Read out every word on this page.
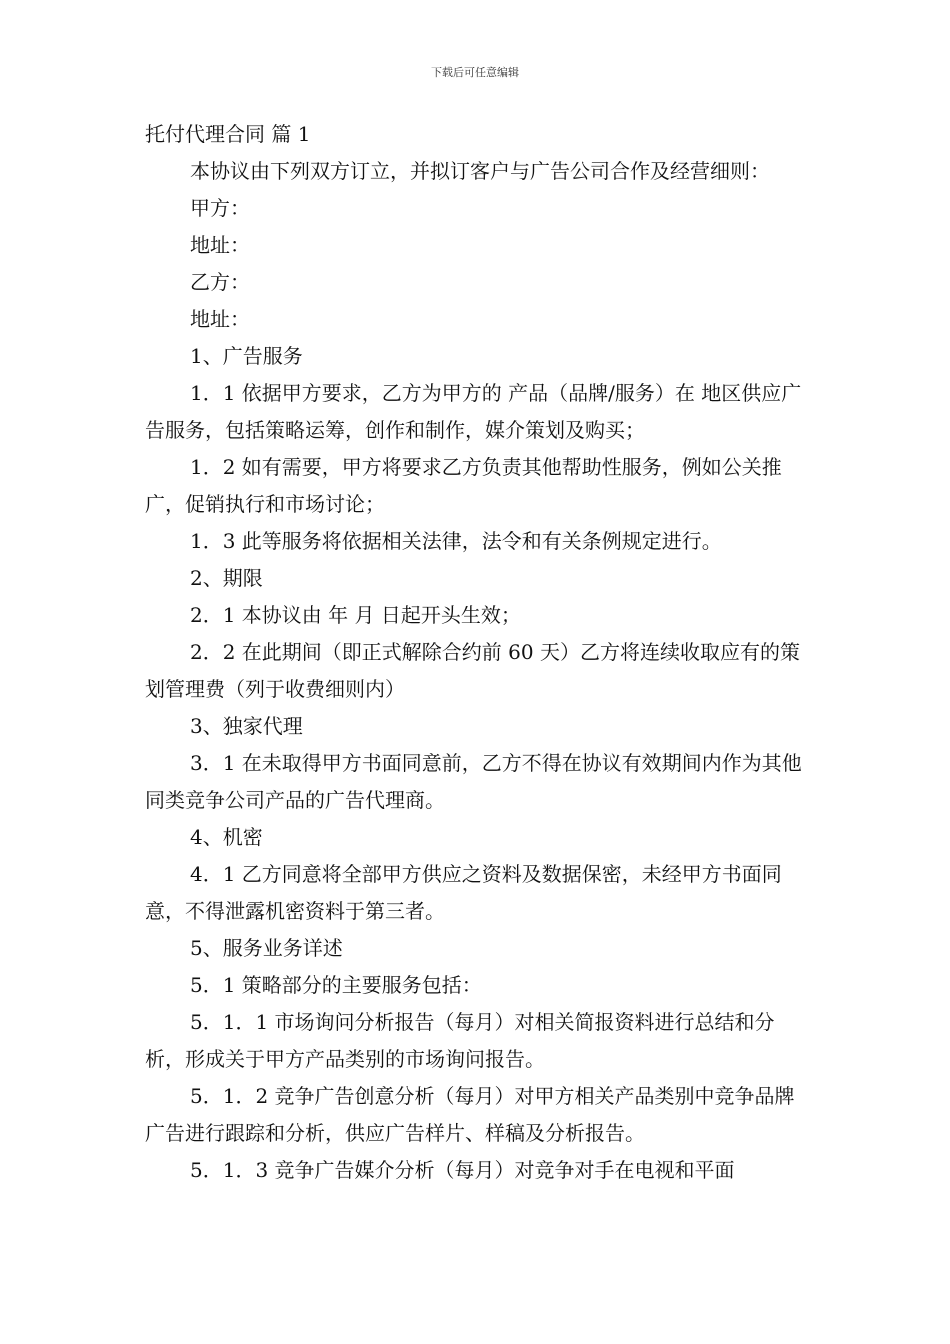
下载后可任意编辑

托付代理合同 篇 1

本协议由下列双方订立，并拟订客户与广告公司合作及经营细则：

甲方：

地址：

乙方：

地址：

1、广告服务

1．1 依据甲方要求，乙方为甲方的 产品（品牌/服务）在 地区供应广告服务，包括策略运筹，创作和制作，媒介策划及购买；

1．2 如有需要，甲方将要求乙方负责其他帮助性服务，例如公关推广，促销执行和市场讨论；

1．3 此等服务将依据相关法律，法令和有关条例规定进行。

2、期限

2．1 本协议由 年 月 日起开头生效；

2．2 在此期间（即正式解除合约前 60 天）乙方将连续收取应有的策划管理费（列于收费细则内）

3、独家代理

3．1 在未取得甲方书面同意前，乙方不得在协议有效期间内作为其他同类竞争公司产品的广告代理商。

4、机密

4．1 乙方同意将全部甲方供应之资料及数据保密，未经甲方书面同意，不得泄露机密资料于第三者。

5、服务业务详述

5．1 策略部分的主要服务包括：

5．1．1 市场询问分析报告（每月）对相关简报资料进行总结和分析，形成关于甲方产品类别的市场询问报告。

5．1．2 竞争广告创意分析（每月）对甲方相关产品类别中竞争品牌广告进行跟踪和分析，供应广告样片、样稿及分析报告。

5．1．3 竞争广告媒介分析（每月）对竞争对手在电视和平面
